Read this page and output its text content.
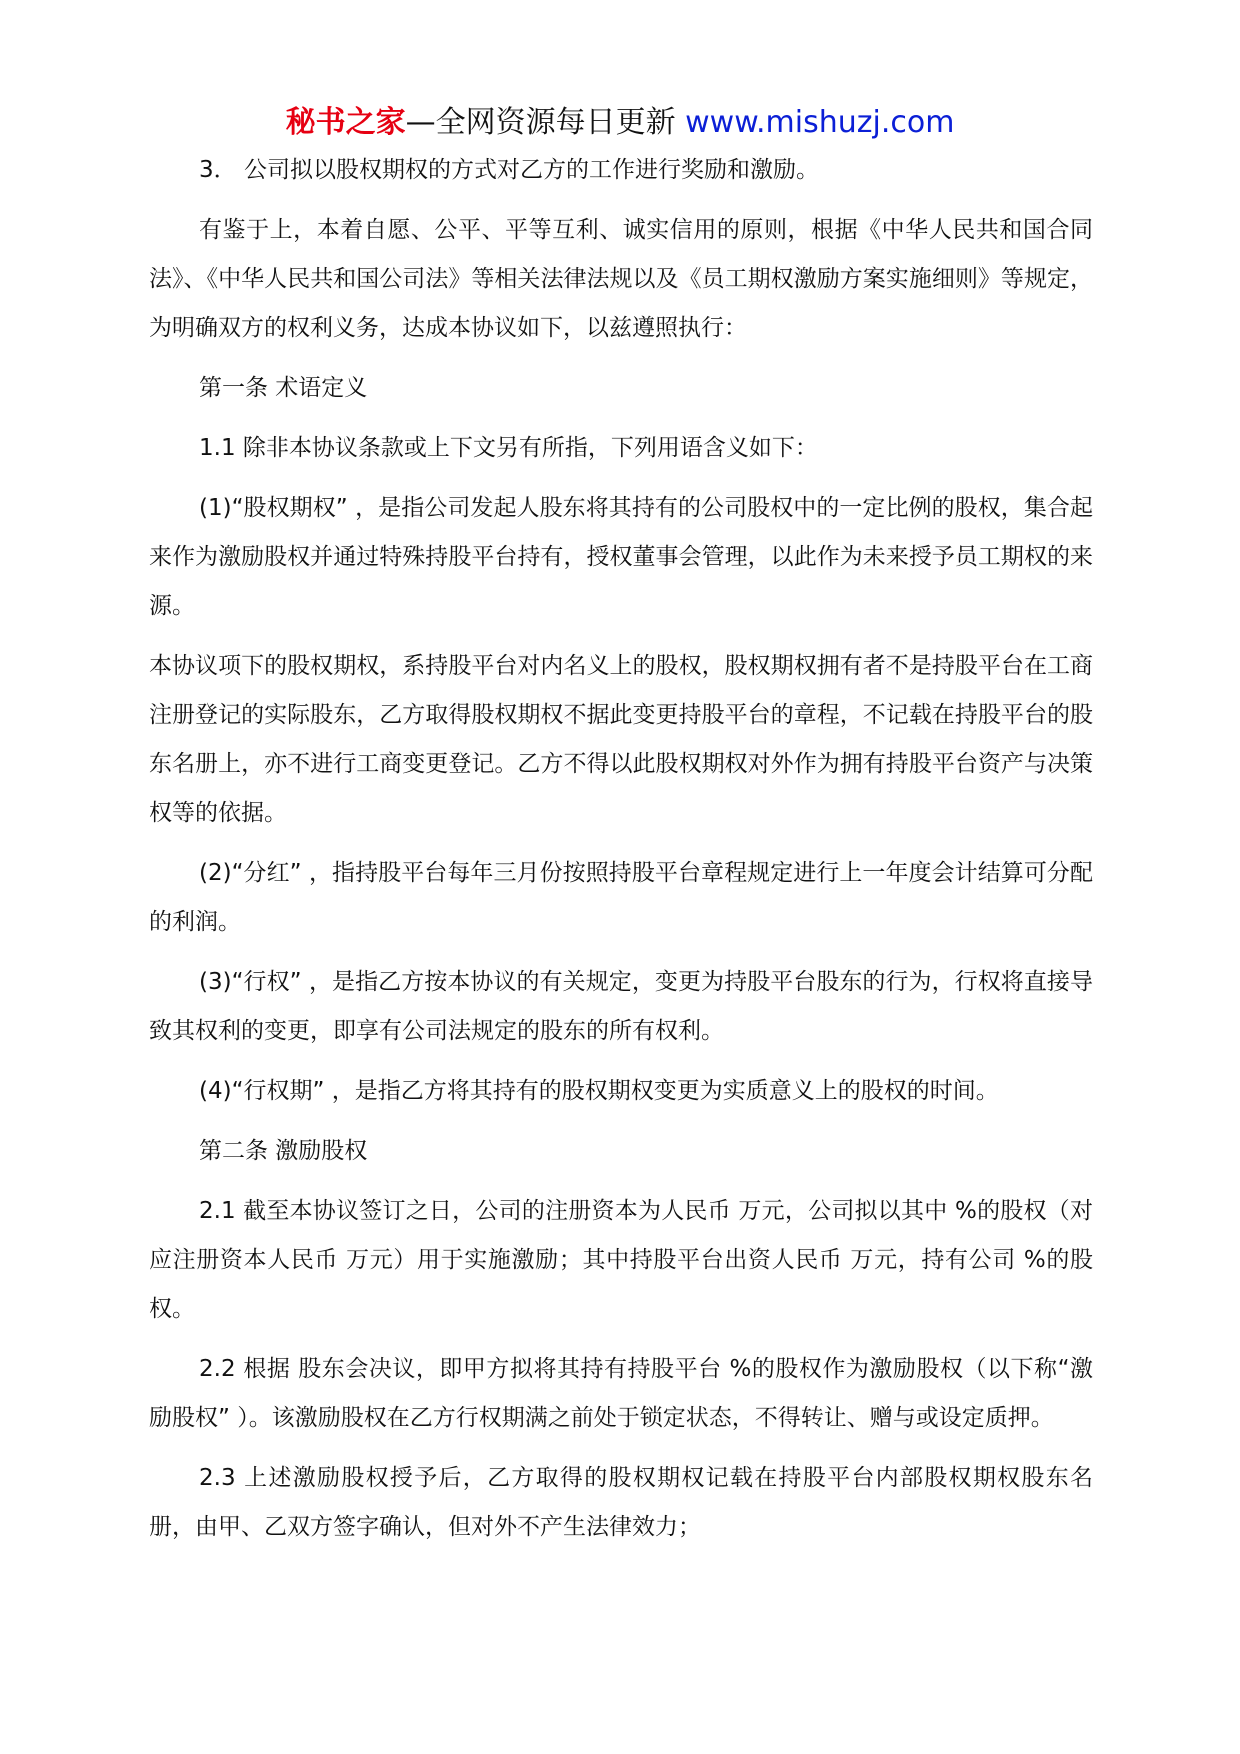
秘书之家—全网资源每日更新 www.mishuzj.com

3． 公司拟以股权期权的方式对乙方的工作进行奖励和激励。

有鉴于上，本着自愿、公平、平等互利、诚实信用的原则，根据《中华人民共和国合同法》、《中华人民共和国公司法》等相关法律法规以及《员工期权激励方案实施细则》等规定，为明确双方的权利义务，达成本协议如下，以兹遵照执行：

第一条 术语定义

1.1 除非本协议条款或上下文另有所指，下列用语含义如下：

(1)“股权期权” ，是指公司发起人股东将其持有的公司股权中的一定比例的股权，集合起来作为激励股权并通过特殊持股平台持有，授权董事会管理，以此作为未来授予员工期权的来源。

本协议项下的股权期权，系持股平台对内名义上的股权，股权期权拥有者不是持股平台在工商注册登记的实际股东，乙方取得股权期权不据此变更持股平台的章程，不记载在持股平台的股东名册上，亦不进行工商变更登记。乙方不得以此股权期权对外作为拥有持股平台资产与决策权等的依据。

(2)“分红” ，指持股平台每年三月份按照持股平台章程规定进行上一年度会计结算可分配的利润。

(3)“行权” ，是指乙方按本协议的有关规定，变更为持股平台股东的行为，行权将直接导致其权利的变更，即享有公司法规定的股东的所有权利。

(4)“行权期” ，是指乙方将其持有的股权期权变更为实质意义上的股权的时间。

第二条 激励股权

2.1 截至本协议签订之日，公司的注册资本为人民币 万元，公司拟以其中 %的股权（对应注册资本人民币 万元）用于实施激励；其中持股平台出资人民币 万元，持有公司 %的股权。

2.2 根据 股东会决议，即甲方拟将其持有持股平台 %的股权作为激励股权（以下称“激励股权” ）。该激励股权在乙方行权期满之前处于锁定状态，不得转让、赠与或设定质押。

2.3 上述激励股权授予后，乙方取得的股权期权记载在持股平台内部股权期权股东名册，由甲、乙双方签字确认，但对外不产生法律效力；
